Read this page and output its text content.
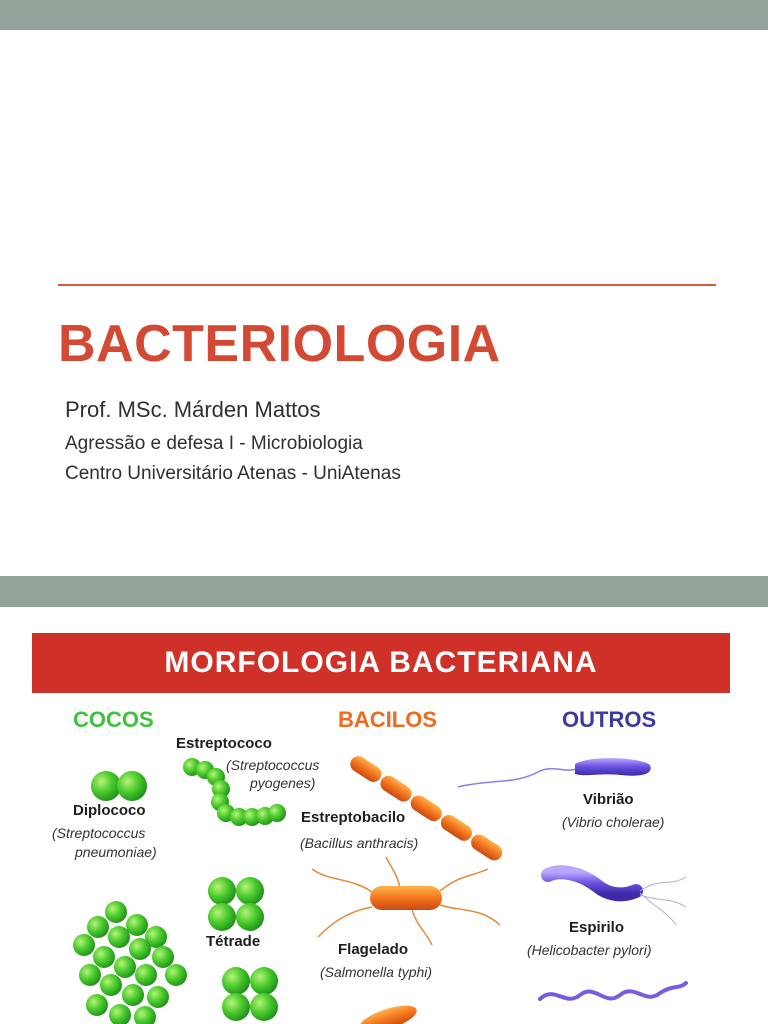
BACTERIOLOGIA
Prof. MSc. Márden Mattos
Agressão e defesa I - Microbiologia
Centro Universitário Atenas - UniAtenas
MORFOLOGIA BACTERIANA
COCOS	BACILOS	OUTROS
Estreptococo
(Streptococcus
pyogenes)
Diplococo
(Streptococcus
pneumoniae)
Tétrade
Estreptobacilo
(Bacillus anthracis)
Flagelado
(Salmonella typhi)
Vibrião
(Vibrio cholerae)
Espirilo
(Helicobacter pylori)
